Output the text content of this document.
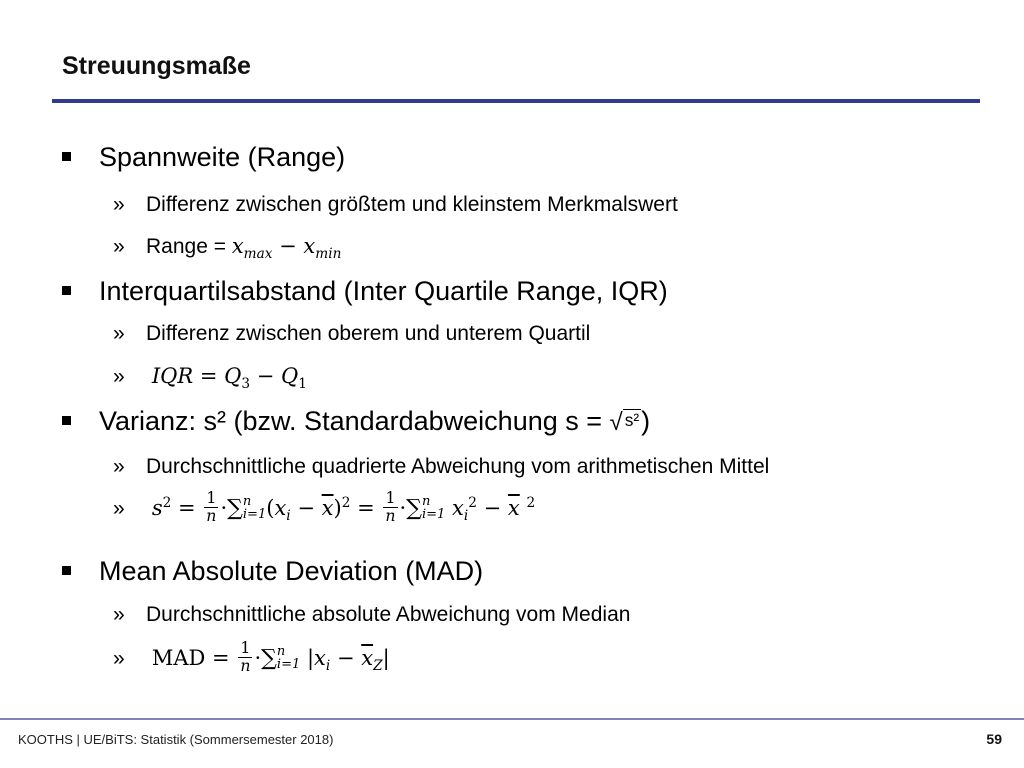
Streuungsmaße
Spannweite (Range)
» Differenz zwischen größtem und kleinstem Merkmalswert
» Range = $x_{max} - x_{min}$
Interquartilsabstand (Inter Quartile Range, IQR)
» Differenz zwischen oberem und unterem Quartil
» IQR = $Q_3 - Q_1$
Varianz: s² (bzw. Standardabweichung s = √ s²)
» Durchschnittliche quadrierte Abweichung vom arithmetischen Mittel
» $s^2 = \frac{1}{n}$ ·∑ n
i=1 $(x_i - \overline{x})^2 = \frac{1}{n}$ ·∑ n
i=1 $x_i^2 - \overline{x}$ $^2$
Mean Absolute Deviation (MAD)
» Durchschnittliche absolute Abweichung vom Median
» MAD = $\frac{1}{n}$ ·∑ n
i=1 $|x_i - \overline{x}_Z|$
KOOTHS | UE/BiTS: Statistik (Sommersemester 2018)	59
